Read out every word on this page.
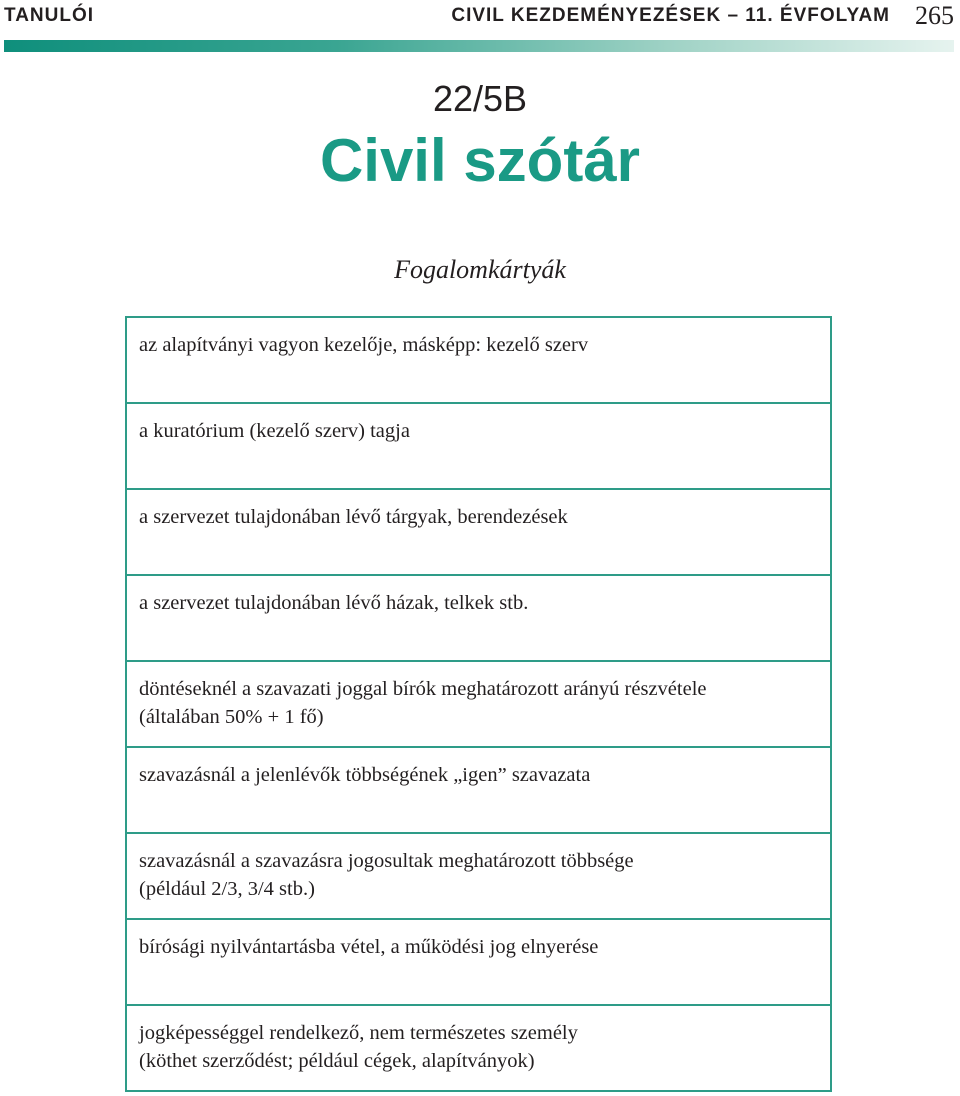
TANULÓI	CIVIL KEZDEMÉNYEZÉSEK – 11. ÉVFOLYAM 265
22/5B
Civil szótár
Fogalomkártyák
az alapítványi vagyon kezelője, másképp: kezelő szerv
a kuratórium (kezelő szerv) tagja
a szervezet tulajdonában lévő tárgyak, berendezések
a szervezet tulajdonában lévő házak, telkek stb.
döntéseknél a szavazati joggal bírók meghatározott arányú részvétele
(általában 50% + 1 fő)
szavazásnál a jelenlévők többségének „igen” szavazata
szavazásnál a szavazásra jogosultak meghatározott többsége
(például 2/3, 3/4 stb.)
bírósági nyilvántartásba vétel, a működési jog elnyerése
jogképességgel rendelkező, nem természetes személy
(köthet szerződést; például cégek, alapítványok)
